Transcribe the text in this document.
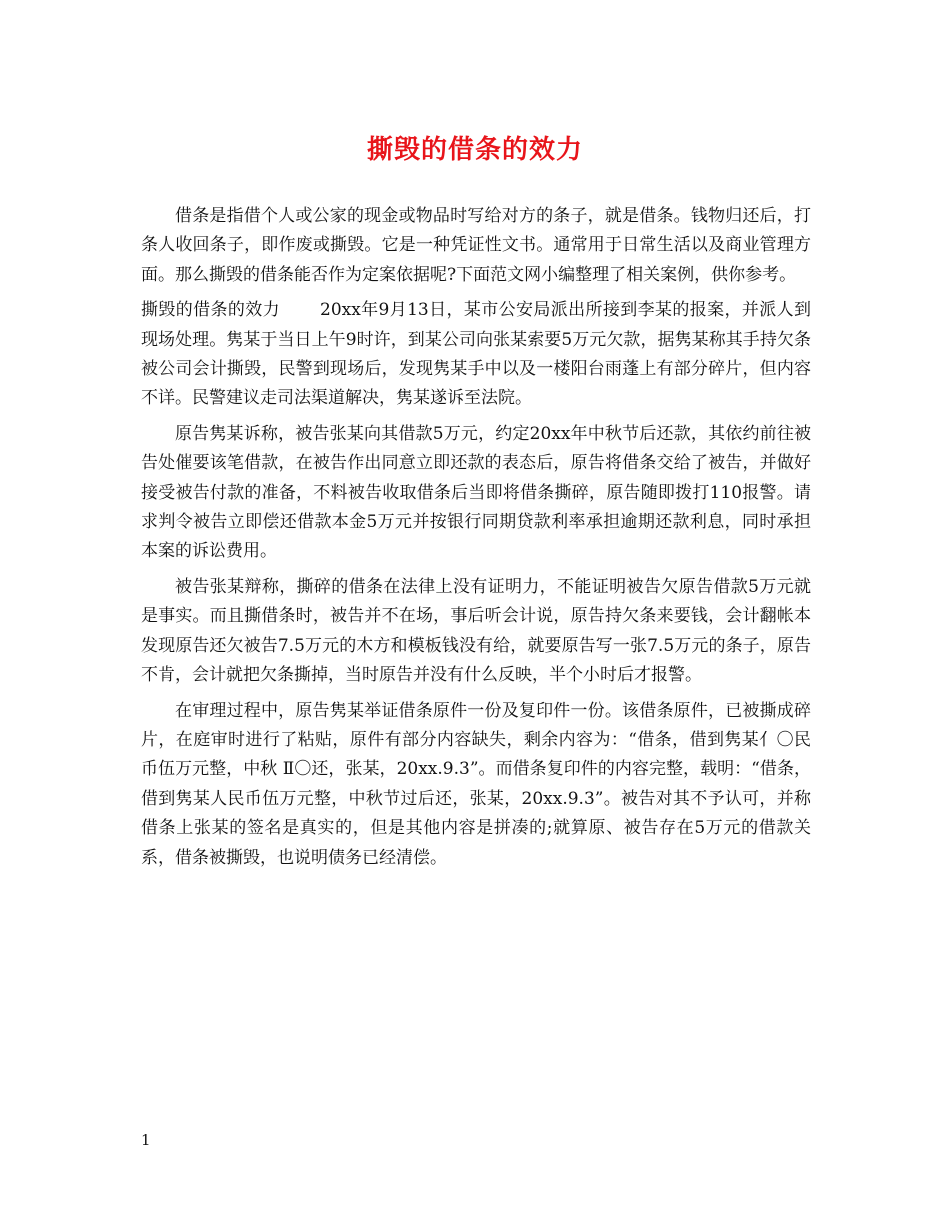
撕毁的借条的效力

借条是指借个人或公家的现金或物品时写给对方的条子，就是借条。钱物归还后，打条人收回条子，即作废或撕毁。它是一种凭证性文书。通常用于日常生活以及商业管理方面。那么撕毁的借条能否作为定案依据呢?下面范文网小编整理了相关案例，供你参考。

撕毁的借条的效力 20xx年9月13日，某市公安局派出所接到李某的报案，并派人到现场处理。隽某于当日上午9时许，到某公司向张某索要5万元欠款，据隽某称其手持欠条被公司会计撕毁，民警到现场后，发现隽某手中以及一楼阳台雨蓬上有部分碎片，但内容不详。民警建议走司法渠道解决，隽某遂诉至法院。

原告隽某诉称，被告张某向其借款5万元，约定20xx年中秋节后还款，其依约前往被告处催要该笔借款，在被告作出同意立即还款的表态后，原告将借条交给了被告，并做好接受被告付款的准备，不料被告收取借条后当即将借条撕碎，原告随即拨打110报警。请求判令被告立即偿还借款本金5万元并按银行同期贷款利率承担逾期还款利息，同时承担本案的诉讼费用。

被告张某辩称，撕碎的借条在法律上没有证明力，不能证明被告欠原告借款5万元就是事实。而且撕借条时，被告并不在场，事后听会计说，原告持欠条来要钱，会计翻帐本发现原告还欠被告7.5万元的木方和模板钱没有给，就要原告写一张7.5万元的条子，原告不肯，会计就把欠条撕掉，当时原告并没有什么反映，半个小时后才报警。

在审理过程中，原告隽某举证借条原件一份及复印件一份。该借条原件，已被撕成碎片，在庭审时进行了粘贴，原件有部分内容缺失，剩余内容为：“借条，借到隽某亻〇民币伍万元整，中秋 Ⅱ〇还，张某，20xx.9.3”。而借条复印件的内容完整，载明：“借条，借到隽某人民币伍万元整，中秋节过后还，张某，20xx.9.3”。被告对其不予认可，并称借条上张某的签名是真实的，但是其他内容是拼凑的;就算原、被告存在5万元的借款关系，借条被撕毁，也说明债务已经清偿。

1
